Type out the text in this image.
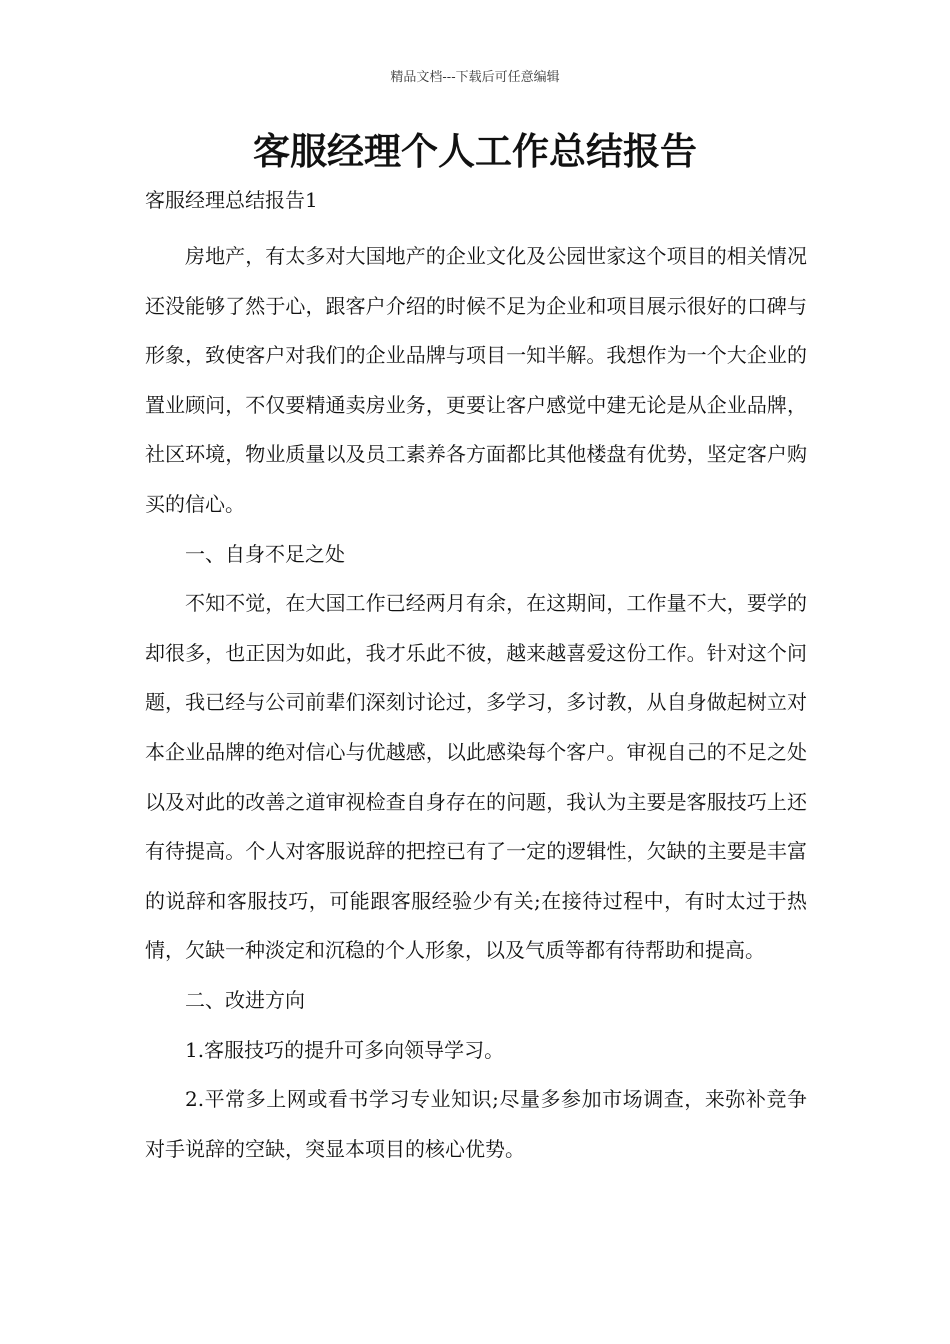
精品文档---下载后可任意编辑
客服经理个人工作总结报告
客服经理总结报告1

房地产，有太多对大国地产的企业文化及公园世家这个项目的相关情况还没能够了然于心，跟客户介绍的时候不足为企业和项目展示很好的口碑与形象，致使客户对我们的企业品牌与项目一知半解。我想作为一个大企业的置业顾问，不仅要精通卖房业务，更要让客户感觉中建无论是从企业品牌，社区环境，物业质量以及员工素养各方面都比其他楼盘有优势，坚定客户购买的信心。

一、自身不足之处

不知不觉，在大国工作已经两月有余，在这期间，工作量不大，要学的却很多，也正因为如此，我才乐此不彼，越来越喜爱这份工作。针对这个问题，我已经与公司前辈们深刻讨论过，多学习，多讨教，从自身做起树立对本企业品牌的绝对信心与优越感，以此感染每个客户。审视自己的不足之处以及对此的改善之道审视检查自身存在的问题，我认为主要是客服技巧上还有待提高。个人对客服说辞的把控已有了一定的逻辑性，欠缺的主要是丰富的说辞和客服技巧，可能跟客服经验少有关;在接待过程中，有时太过于热情，欠缺一种淡定和沉稳的个人形象，以及气质等都有待帮助和提高。

二、改进方向

1.客服技巧的提升可多向领导学习。

2.平常多上网或看书学习专业知识;尽量多参加市场调查，来弥补竞争对手说辞的空缺，突显本项目的核心优势。
